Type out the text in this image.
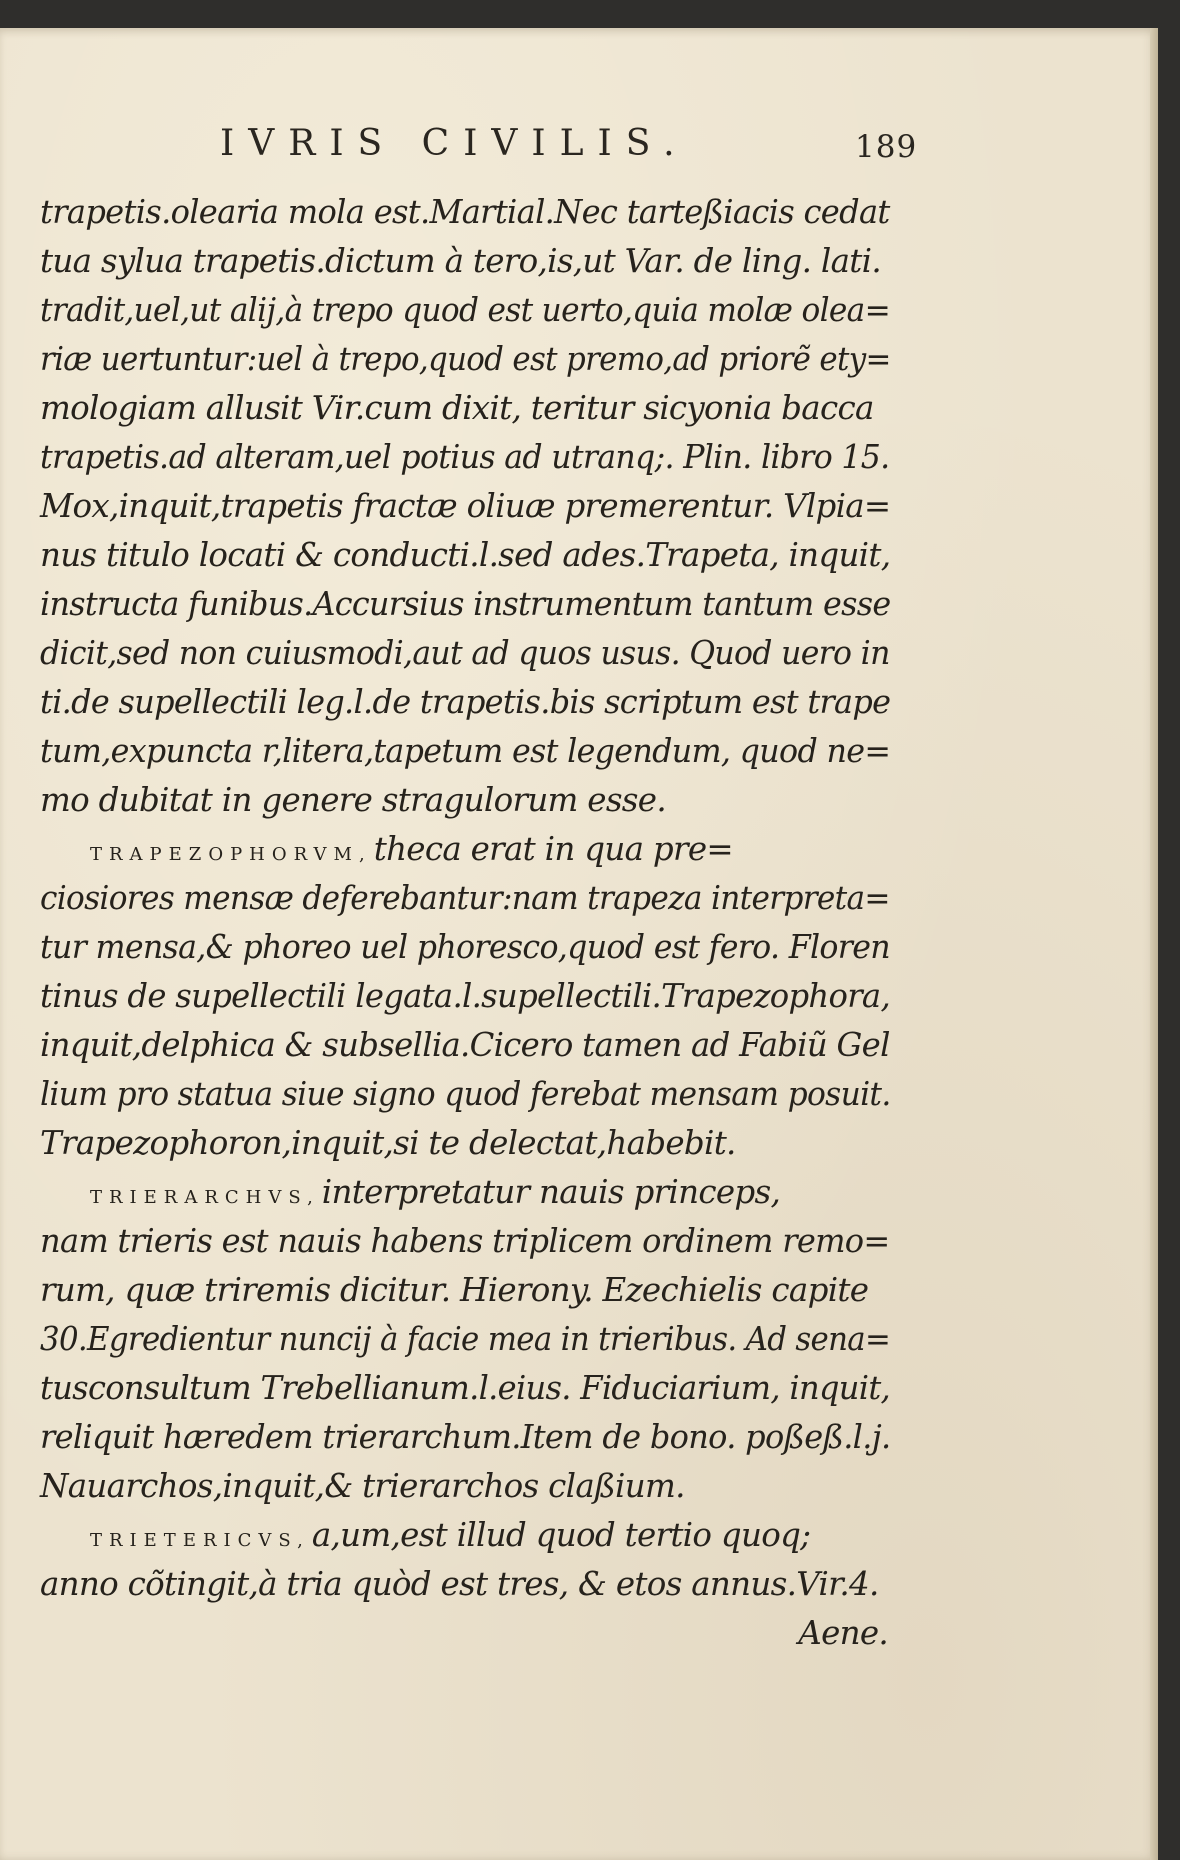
IVRIS CIVILIS.	189
trapetis.olearia mola est.Martial.Nec tarteßiacis cedat
tua sylua trapetis.dictum à tero,is,ut Var. de ling. lati.
tradit,uel,ut alij,à trepo quod est uerto,quia molæ olea=
riæ uertuntur:uel à trepo,quod est premo,ad priorẽ ety=
mologiam allusit Vir.cum dixit, teritur sicyonia bacca
trapetis.ad alteram,uel potius ad utranq;. Plin. libro 15.
Mox,inquit,trapetis fractæ oliuæ premerentur. Vlpia=
nus titulo locati & conducti.l.sed ades.Trapeta, inquit,
instructa funibus.Accursius instrumentum tantum esse
dicit,sed non cuiusmodi,aut ad quos usus. Quod uero in
ti.de supellectili leg.l.de trapetis.bis scriptum est trape
tum,expuncta r,litera,tapetum est legendum, quod ne=
mo dubitat in genere stragulorum esse.
TRAPEZOPHORVM,theca erat in qua pre=
ciosiores mensæ deferebantur:nam trapeza interpreta=
tur mensa,& phoreo uel phoresco,quod est fero. Floren
tinus de supellectili legata.l.supellectili.Trapezophora,
inquit,delphica & subsellia.Cicero tamen ad Fabiũ Gel
lium pro statua siue signo quod ferebat mensam posuit.
Trapezophoron,inquit,si te delectat,habebit.
TRIERARCHVS,interpretatur nauis princeps,
nam trieris est nauis habens triplicem ordinem remo=
rum, quæ triremis dicitur. Hierony. Ezechielis capite
30.Egredientur nuncij à facie mea in trieribus. Ad sena=
tusconsultum Trebellianum.l.eius. Fiduciarium, inquit,
reliquit hæredem trierarchum.Item de bono. poßeß.l.j.
Nauarchos,inquit,& trierarchos claßium.
TRIETERICVS,a,um,est illud quod tertio quoq;
anno cõtingit,à tria quòd est tres, & etos annus.Vir.4.
Aene.
